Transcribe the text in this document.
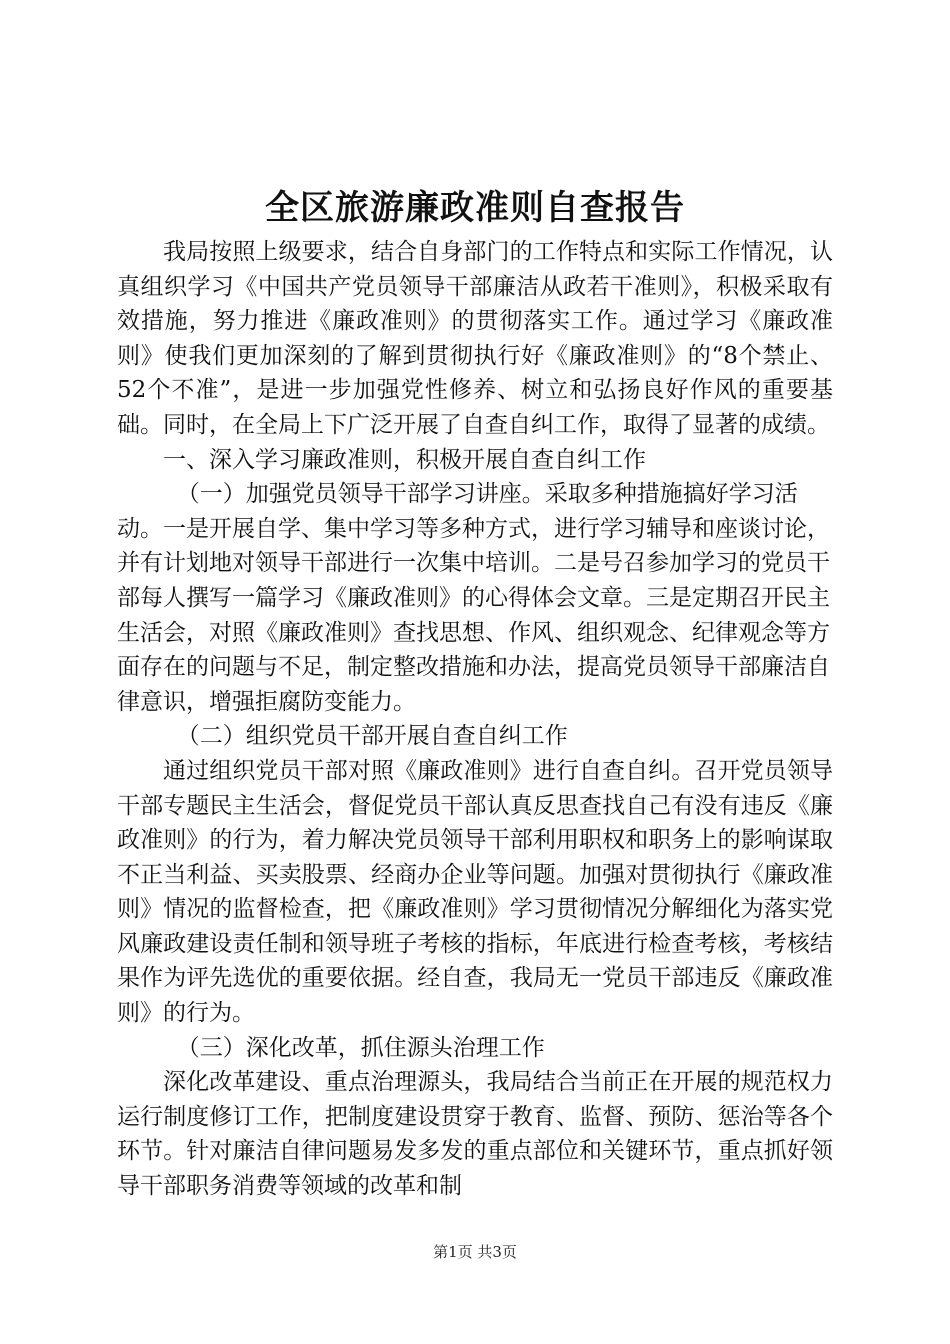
全区旅游廉政准则自查报告

我局按照上级要求，结合自身部门的工作特点和实际工作情况，认真组织学习《中国共产党员领导干部廉洁从政若干准则》，积极采取有效措施，努力推进《廉政准则》的贯彻落实工作。通过学习《廉政准则》使我们更加深刻的了解到贯彻执行好《廉政准则》的“8个禁止、52个不准”，是进一步加强党性修养、树立和弘扬良好作风的重要基础。同时，在全局上下广泛开展了自查自纠工作，取得了显著的成绩。

一、深入学习廉政准则，积极开展自查自纠工作

（一）加强党员领导干部学习讲座。采取多种措施搞好学习活动。一是开展自学、集中学习等多种方式，进行学习辅导和座谈讨论，并有计划地对领导干部进行一次集中培训。二是号召参加学习的党员干部每人撰写一篇学习《廉政准则》的心得体会文章。三是定期召开民主生活会，对照《廉政准则》查找思想、作风、组织观念、纪律观念等方面存在的问题与不足，制定整改措施和办法，提高党员领导干部廉洁自律意识，增强拒腐防变能力。

（二）组织党员干部开展自查自纠工作

通过组织党员干部对照《廉政准则》进行自查自纠。召开党员领导干部专题民主生活会，督促党员干部认真反思查找自己有没有违反《廉政准则》的行为，着力解决党员领导干部利用职权和职务上的影响谋取不正当利益、买卖股票、经商办企业等问题。加强对贯彻执行《廉政准则》情况的监督检查，把《廉政准则》学习贯彻情况分解细化为落实党风廉政建设责任制和领导班子考核的指标，年底进行检查考核，考核结果作为评先选优的重要依据。经自查，我局无一党员干部违反《廉政准则》的行为。

（三）深化改革，抓住源头治理工作

深化改革建设、重点治理源头，我局结合当前正在开展的规范权力运行制度修订工作，把制度建设贯穿于教育、监督、预防、惩治等各个环节。针对廉洁自律问题易发多发的重点部位和关键环节，重点抓好领导干部职务消费等领域的改革和制

第1页 共3页
